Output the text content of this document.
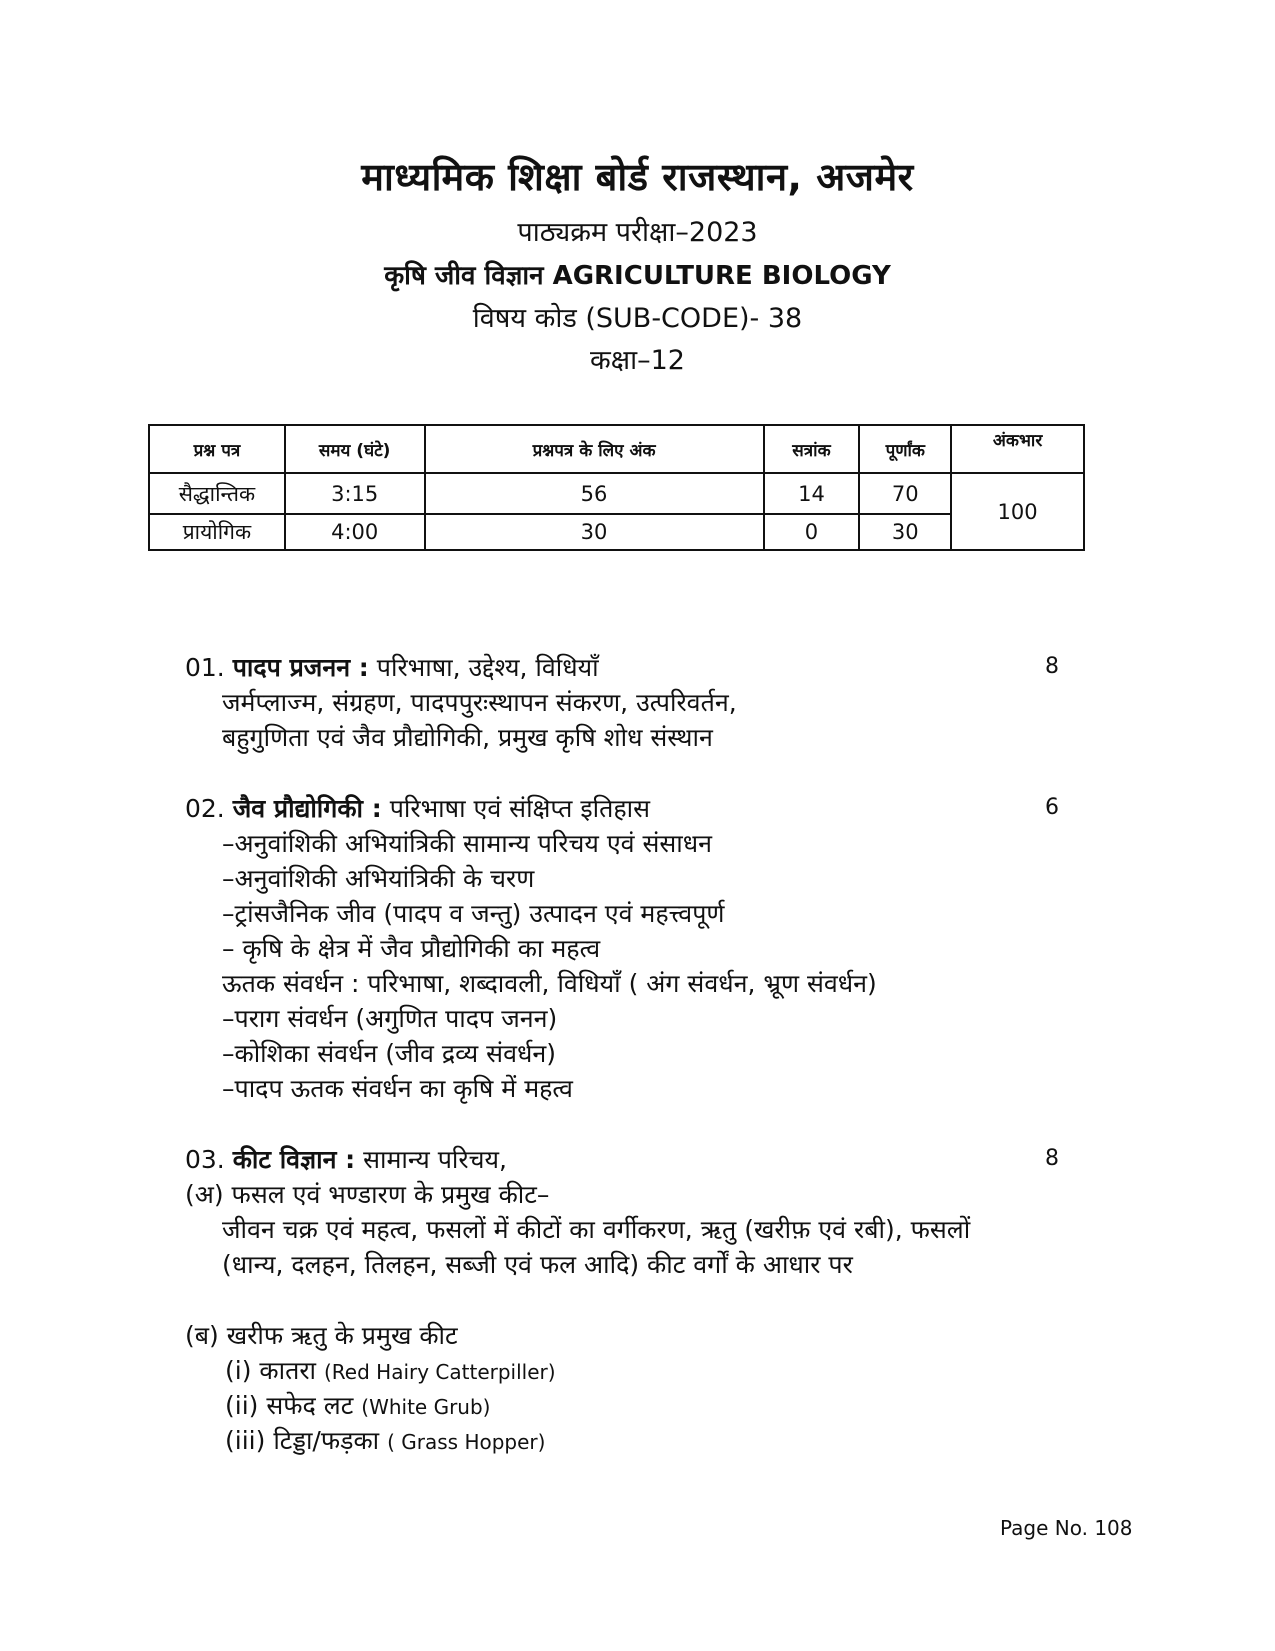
माध्यमिक शिक्षा बोर्ड राजस्थान, अजमेर
पाठ्यक्रम परीक्षा–2023
कृषि जीव विज्ञान AGRICULTURE BIOLOGY
विषय कोड (SUB-CODE)- 38
कक्षा–12
प्रश्न पत्र	समय (घंटे)	प्रश्नपत्र के लिए अंक	सत्रांक	पूर्णांक	अंकभार
सैद्धान्तिक	3:15	56	14	70	100
प्रायोगिक	4:00	30	0	30	
01. पादप प्रजनन : परिभाषा, उद्देश्य, विधियाँ	8
जर्मप्लाज्म, संग्रहण, पादपपुरःस्थापन संकरण, उत्परिवर्तन,
बहुगुणिता एवं जैव प्रौद्योगिकी, प्रमुख कृषि शोध संस्थान
02. जैव प्रौद्योगिकी : परिभाषा एवं संक्षिप्त इतिहास	6
–अनुवांशिकी अभियांत्रिकी सामान्य परिचय एवं संसाधन
–अनुवांशिकी अभियांत्रिकी के चरण
–ट्रांसजैनिक जीव (पादप व जन्तु) उत्पादन एवं महत्त्वपूर्ण
– कृषि के क्षेत्र में जैव प्रौद्योगिकी का महत्व
ऊतक संवर्धन : परिभाषा, शब्दावली, विधियाँ ( अंग संवर्धन, भ्रूण संवर्धन)
–पराग संवर्धन (अगुणित पादप जनन)
–कोशिका संवर्धन (जीव द्रव्य संवर्धन)
–पादप ऊतक संवर्धन का कृषि में महत्व
03. कीट विज्ञान : सामान्य परिचय,	8
(अ) फसल एवं भण्डारण के प्रमुख कीट–
जीवन चक्र एवं महत्व, फसलों में कीटों का वर्गीकरण, ऋतु (खरीफ़ एवं रबी), फसलों
(धान्य, दलहन, तिलहन, सब्जी एवं फल आदि) कीट वर्गों के आधार पर
(ब) खरीफ ऋतु के प्रमुख कीट
(i) कातरा (Red Hairy Catterpiller)
(ii) सफेद लट (White Grub)
(iii) टिड्डा/फड़का ( Grass Hopper)
Page No. 108
